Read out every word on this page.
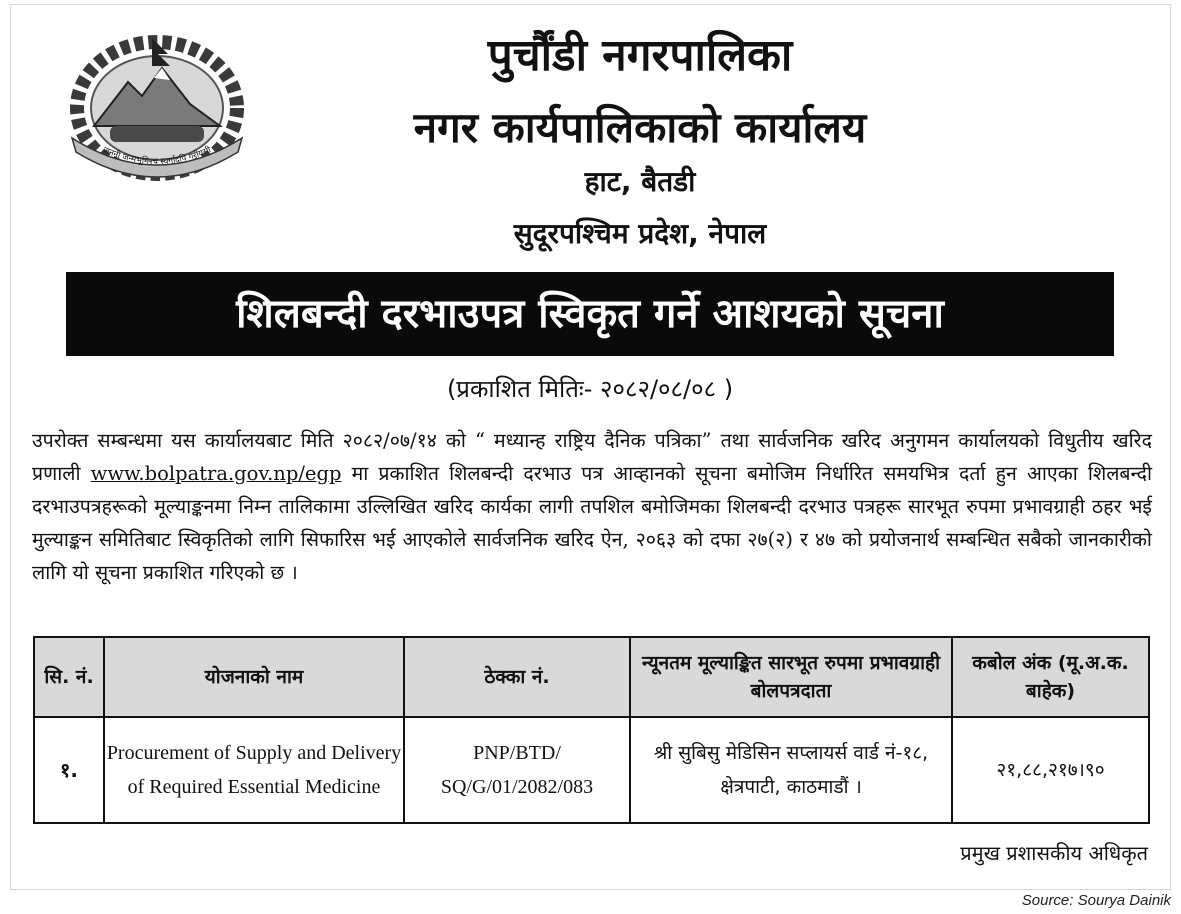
जननी जन्मभूमिश्च स्वर्गादपि गरीयसी
पुर्चौंडी नगरपालिका
नगर कार्यपालिकाको कार्यालय
हाट, बैतडी
सुदूरपश्चिम प्रदेश, नेपाल
शिलबन्दी दरभाउपत्र स्विकृत गर्ने आशयको सूचना
(प्रकाशित मितिः- २०८२/०८/०८ )
उपरोक्त सम्बन्धमा यस कार्यालयबाट मिति २०८२/०७/१४ को “ मध्यान्ह राष्ट्रिय दैनिक पत्रिका” तथा सार्वजनिक खरिद अनुगमन कार्यालयको विधुतीय खरिद प्रणाली www.bolpatra.gov.np/egp मा प्रकाशित शिलबन्दी दरभाउ पत्र आव्हानको सूचना बमोजिम निर्धारित समयभित्र दर्ता हुन आएका शिलबन्दी दरभाउपत्रहरूको मूल्याङ्कनमा निम्न तालिकामा उल्लिखित खरिद कार्यका लागी तपशिल बमोजिमका शिलबन्दी दरभाउ पत्रहरू सारभूत रुपमा प्रभावग्राही ठहर भई मुल्याङ्कन समितिबाट स्विकृतिको लागि सिफारिस भई आएकोले सार्वजनिक खरिद ऐन, २०६३ को दफा २७(२) र ४७ को प्रयोजनार्थ सम्बन्धित सबैको जानकारीको लागि यो सूचना प्रकाशित गरिएको छ ।
सि. नं.	योजनाको नाम	ठेक्का नं.	न्यूनतम मूल्याङ्कित सारभूत रुपमा प्रभावग्राही बोलपत्रदाता	कबोल अंक (मू.अ.क. बाहेक)
१.	Procurement of Supply and Delivery of Required Essential Medicine	PNP/BTD/ SQ/G/01/2082/083	श्री सुबिसु मेडिसिन सप्लायर्स वार्ड नं-१८, क्षेत्रपाटी, काठमाडौं ।	२१,८८,२१७।९०
प्रमुख प्रशासकीय अधिकृत
Source: Sourya Dainik
